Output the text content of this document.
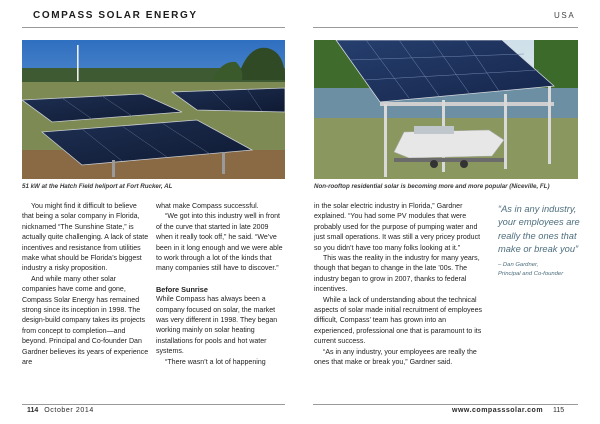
COMPASS SOLAR ENERGY	USA
51 kW at the Hatch Field heliport at Fort Rucker, AL	Non-rooftop residential solar is becoming more and more popular (Niceville, FL)

You might find it difficult to believe that being a solar company in Florida, nicknamed “The Sunshine State,” is actually quite challenging. A lack of state incentives and resistance from utilities make what should be Florida’s biggest industry a risky proposition.

And while many other solar companies have come and gone, Compass Solar Energy has remained strong since its inception in 1998. The design-build company takes its projects from concept to completion—and beyond. Principal and Co-founder Dan Gardner believes its years of experience are

what make Compass successful.

“We got into this industry well in front of the curve that started in late 2009 when it really took off,” he said. “We’ve been in it long enough and we were able to work through a lot of the kinds that many companies still have to discover.”

Before Sunrise

While Compass has always been a company focused on solar, the market was very different in 1998. They began working mainly on solar heating installations for pools and hot water systems.

“There wasn’t a lot of happening

in the solar electric industry in Florida,” Gardner explained. “You had some PV modules that were probably used for the purpose of pumping water and just small operations. It was still a very pricey product so you didn’t have too many folks looking at it.”

This was the reality in the industry for many years, though that began to change in the late ’00s. The industry began to grow in 2007, thanks to federal incentives.

While a lack of understanding about the technical aspects of solar made initial recruitment of employees difficult, Compass’ team has grown into an experienced, professional one that is paramount to its current success.

“As in any industry, your employees are really the ones that make or break you,” Gardner said.

“As in any industry, your employees are really the ones that make or break you”
– Dan Gardner,
Principal and Co-founder
114 October 2014	www.compasssolar.com 115
